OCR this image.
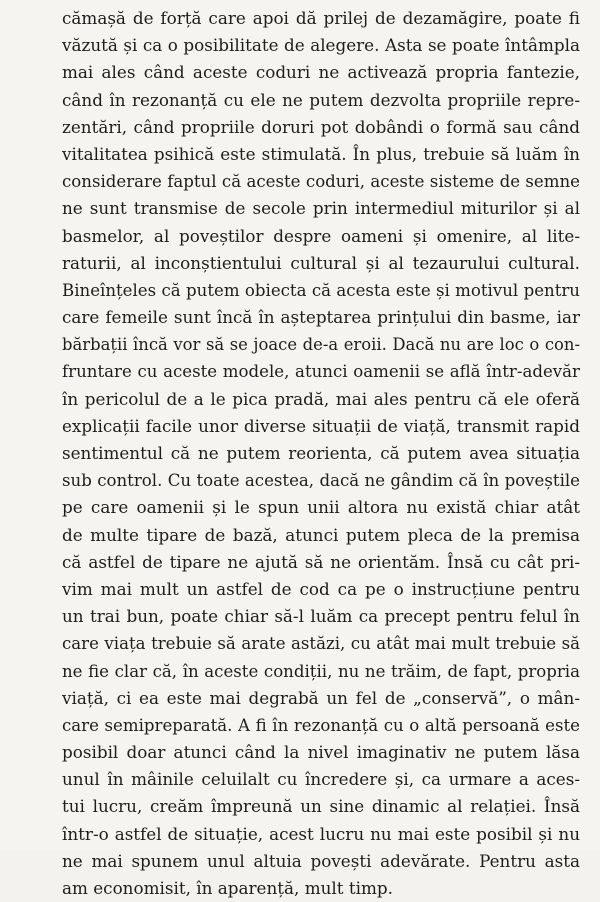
cămașă de forță care apoi dă prilej de dezamăgire, poate fi
văzută și ca o posibilitate de alegere. Asta se poate întâmpla
mai ales când aceste coduri ne activează propria fantezie,
când în rezonanță cu ele ne putem dezvolta propriile repre-
zentări, când propriile doruri pot dobândi o formă sau când
vitalitatea psihică este stimulată. În plus, trebuie să luăm în
considerare faptul că aceste coduri, aceste sisteme de semne
ne sunt transmise de secole prin intermediul miturilor și al
basmelor, al poveștilor despre oameni și omenire, al lite-
raturii, al inconștientului cultural și al tezaurului cultural.
Bineînțeles că putem obiecta că acesta este și motivul pentru
care femeile sunt încă în așteptarea prințului din basme, iar
bărbații încă vor să se joace de-a eroii. Dacă nu are loc o con-
fruntare cu aceste modele, atunci oamenii se află într-adevăr
în pericolul de a le pica pradă, mai ales pentru că ele oferă
explicații facile unor diverse situații de viață, transmit rapid
sentimentul că ne putem reorienta, că putem avea situația
sub control. Cu toate acestea, dacă ne gândim că în poveștile
pe care oamenii și le spun unii altora nu există chiar atât
de multe tipare de bază, atunci putem pleca de la premisa
că astfel de tipare ne ajută să ne orientăm. Însă cu cât pri-
vim mai mult un astfel de cod ca pe o instrucțiune pentru
un trai bun, poate chiar să-l luăm ca precept pentru felul în
care viața trebuie să arate astăzi, cu atât mai mult trebuie să
ne fie clar că, în aceste condiții, nu ne trăim, de fapt, propria
viață, ci ea este mai degrabă un fel de „conservă”, o mân-
care semipreparată. A fi în rezonanță cu o altă persoană este
posibil doar atunci când la nivel imaginativ ne putem lăsa
unul în mâinile celuilalt cu încredere și, ca urmare a aces-
tui lucru, creăm împreună un sine dinamic al relației. Însă
într-o astfel de situație, acest lucru nu mai este posibil și nu
ne mai spunem unul altuia povești adevărate. Pentru asta
am economisit, în aparență, mult timp.
